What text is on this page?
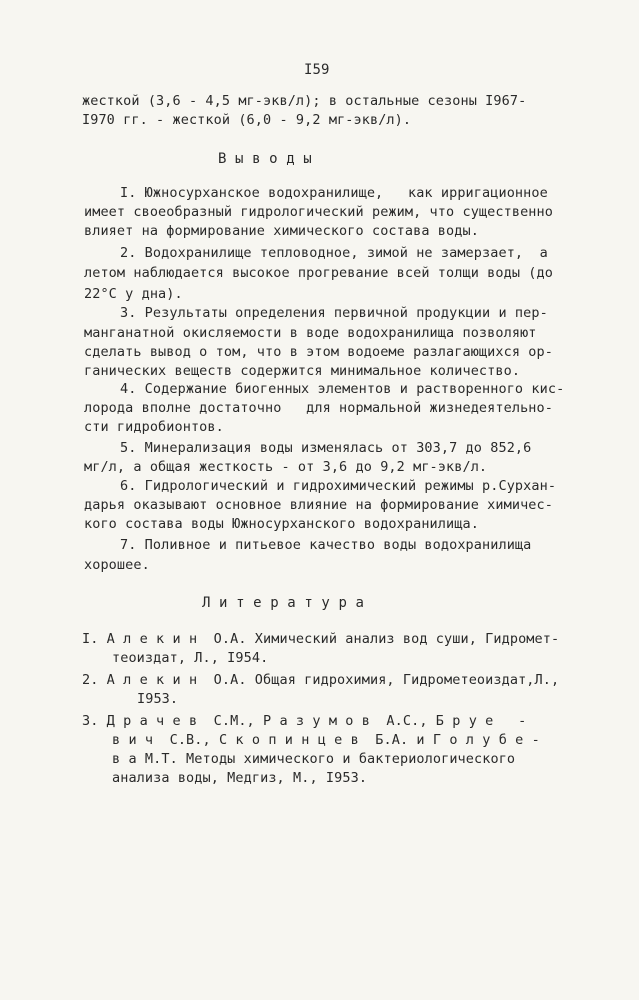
I59
жесткой (3,6 - 4,5 мг-экв/л); в остальные сезоны I967-
I970 гг. - жесткой (6,0 - 9,2 мг-экв/л).
В ы в о д ы
I. Южносурханское водохранилище,   как ирригационное
имеет своеобразный гидрологический режим, что существенно
влияет на формирование химического состава воды.
2. Водохранилище тепловодное, зимой не замерзает,  а
летом наблюдается высокое прогревание всей толщи воды (до
22°С у дна).
3. Результаты определения первичной продукции и пер-
манганатной окисляемости в воде водохранилища позволяют
сделать вывод о том, что в этом водоеме разлагающихся ор-
ганических веществ содержится минимальное количество.
4. Содержание биогенных элементов и растворенного кис-
лорода вполне достаточно   для нормальной жизнедеятельно-
сти гидробионтов.
5. Минерализация воды изменялась от 303,7 до 852,6
мг/л, а общая жесткость - от 3,6 до 9,2 мг-экв/л.
6. Гидрологический и гидрохимический режимы р.Сурхан-
дарья оказывают основное влияние на формирование химичес-
кого состава воды Южносурханского водохранилища.
7. Поливное и питьевое качество воды водохранилища
хорошее.
Л и т е р а т у р а
I. А л е к и н  О.А. Химический анализ вод суши, Гидромет-
теоиздат, Л., I954.
2. А л е к и н  О.А. Общая гидрохимия, Гидрометеоиздат,Л.,
I953.
3. Д р а ч е в  С.М., Р а з у м о в  А.С., Б р у е   -
в и ч  С.В., С к о п и н ц е в  Б.А. и Г о л у б е -
в а М.Т. Методы химического и бактериологического
анализа воды, Медгиз, М., I953.
